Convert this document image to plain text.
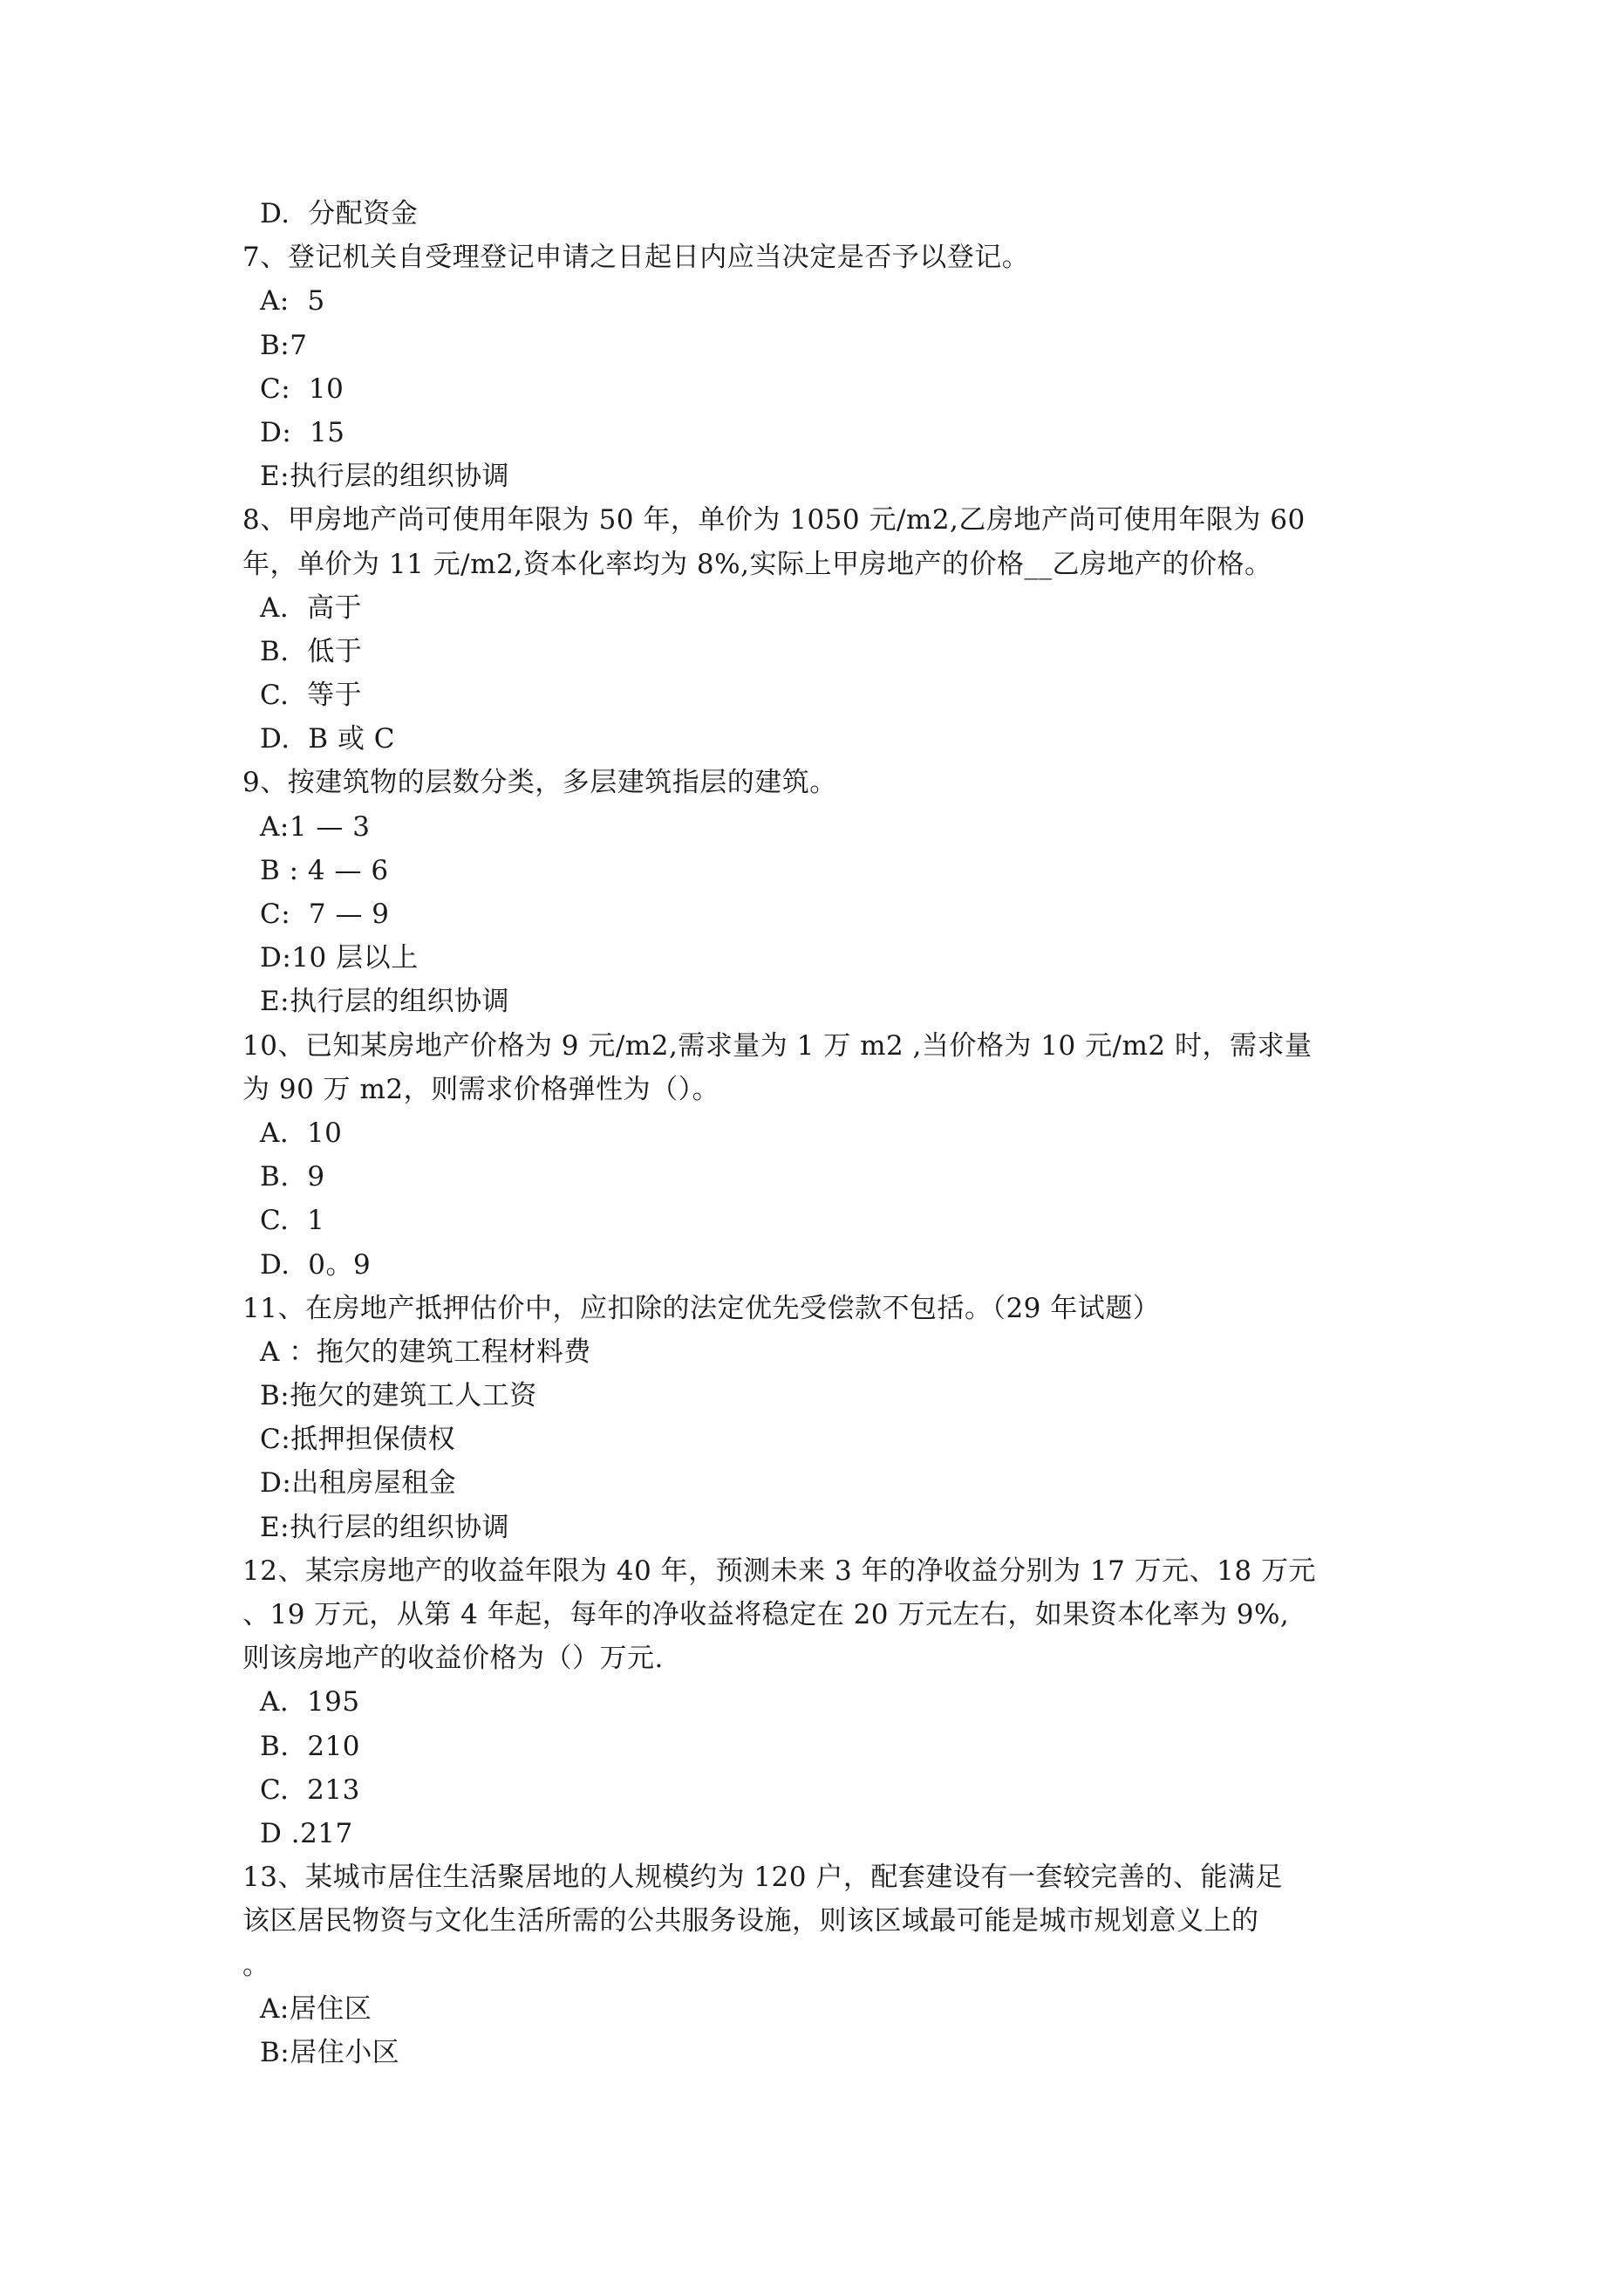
D.  分配资金
7、登记机关自受理登记申请之日起日内应当决定是否予以登记。
A:  5
B:7
C:  10
D:  15
E:执行层的组织协调
8、甲房地产尚可使用年限为 50 年，单价为 1050 元/m2,乙房地产尚可使用年限为 60
年，单价为 11 元/m2,资本化率均为 8%,实际上甲房地产的价格__乙房地产的价格。
A.  高于
B.  低于
C.  等于
D.  B 或 C
9、按建筑物的层数分类，多层建筑指层的建筑。
A:1 — 3
B : 4 — 6
C:  7 — 9
D:10 层以上
E:执行层的组织协调
10、已知某房地产价格为 9 元/m2,需求量为 1 万 m2 ,当价格为 10 元/m2 时，需求量
为 90 万 m2，则需求价格弹性为（）。
A.  10
B.  9
C.  1
D.  0。9
11、在房地产抵押估价中，应扣除的法定优先受偿款不包括。（29 年试题）
A ：拖欠的建筑工程材料费
B:拖欠的建筑工人工资
C:抵押担保债权
D:出租房屋租金
E:执行层的组织协调
12、某宗房地产的收益年限为 40 年，预测未来 3 年的净收益分别为 17 万元、18 万元
、19 万元，从第 4 年起，每年的净收益将稳定在 20 万元左右，如果资本化率为 9%,
则该房地产的收益价格为（）万元.
A.  195
B.  210
C.  213
D .217
13、某城市居住生活聚居地的人规模约为 120 户，配套建设有一套较完善的、能满足
该区居民物资与文化生活所需的公共服务设施，则该区域最可能是城市规划意义上的
。
A:居住区
B:居住小区
